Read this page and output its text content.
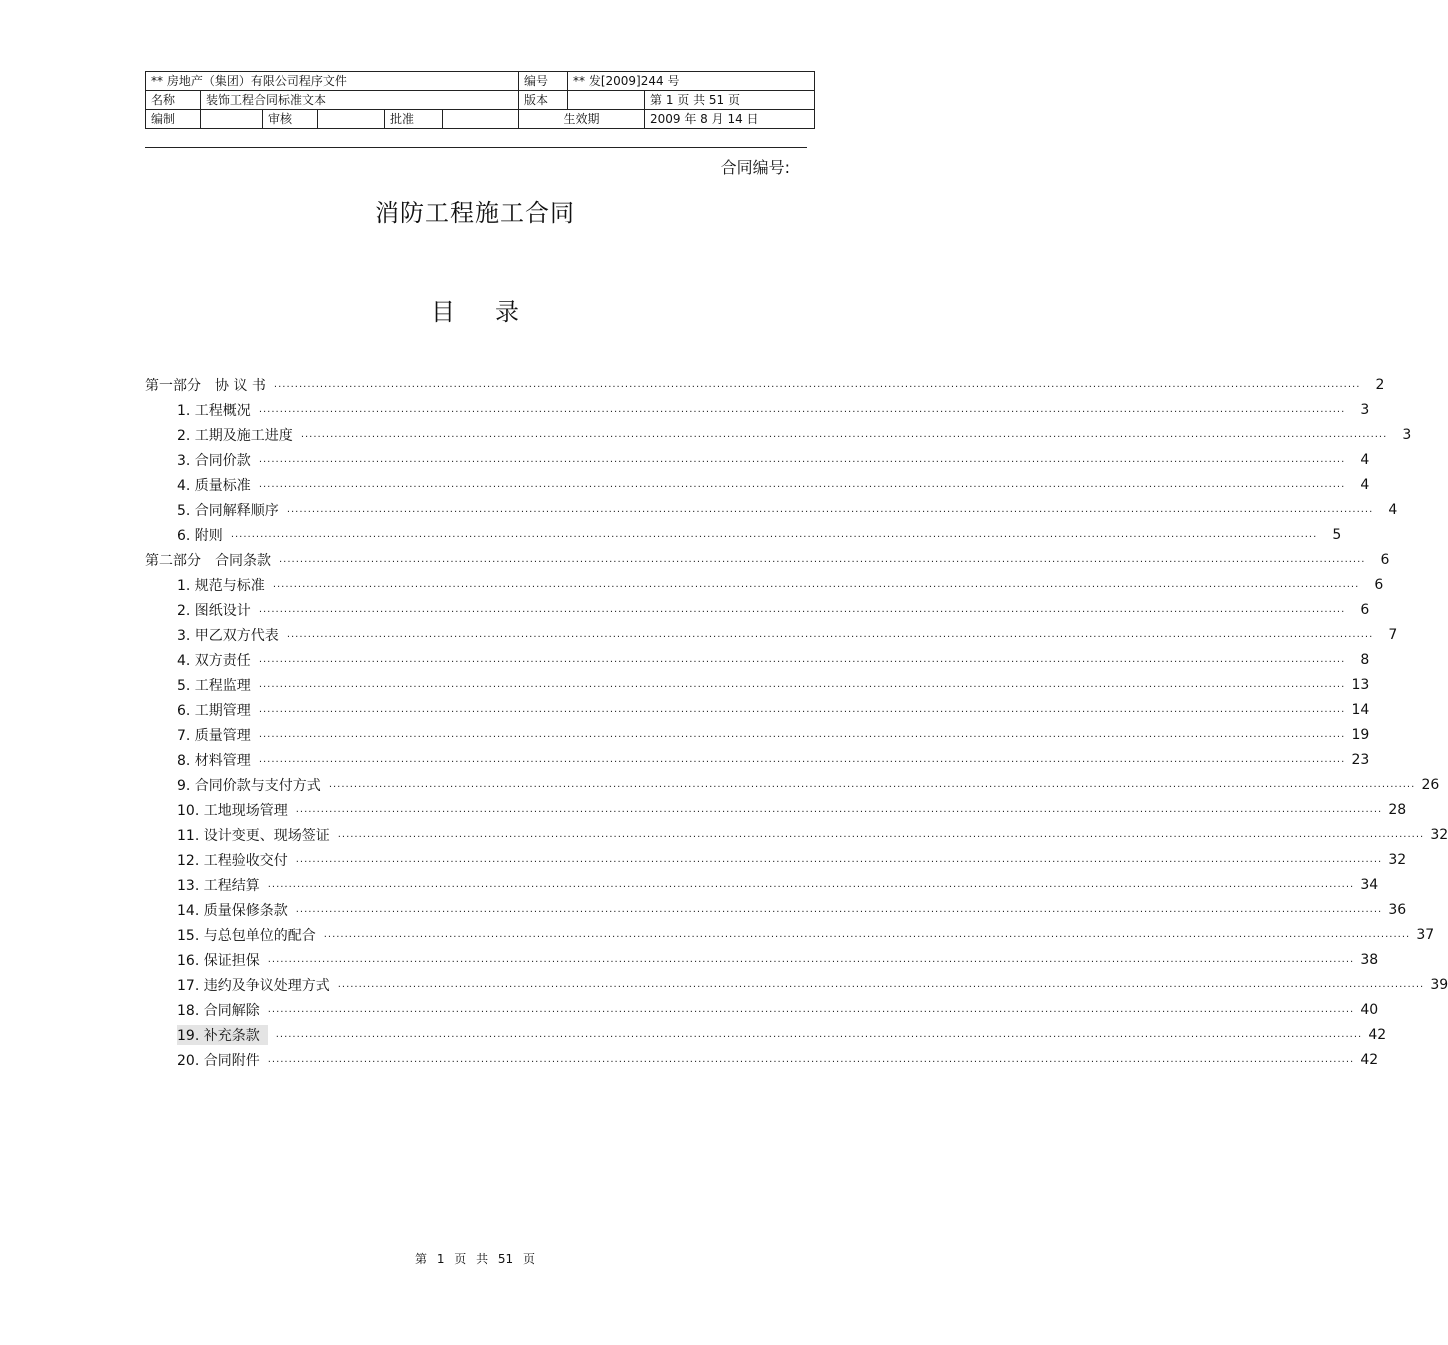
** 房地产（集团）有限公司程序文件						编号	** 发[2009]244 号	
名称	装饰工程合同标准文本					版本		第 1 页 共 51 页
编制		审核		批准		生效期		2009 年 8 月 14 日
合同编号:
消防工程施工合同
目录
第一部分　协 议 书 ....................................................................................................................................................................................................................................................................	2
1. 工程概况 ....................................................................................................................................................................................................................................................................	3
2. 工期及施工进度 ....................................................................................................................................................................................................................................................................	3
3. 合同价款 ....................................................................................................................................................................................................................................................................	4
4. 质量标准 ....................................................................................................................................................................................................................................................................	4
5. 合同解释顺序 ....................................................................................................................................................................................................................................................................	4
6. 附则 ....................................................................................................................................................................................................................................................................	5
第二部分　合同条款 ....................................................................................................................................................................................................................................................................	6
1. 规范与标准 ....................................................................................................................................................................................................................................................................	6
2. 图纸设计 ....................................................................................................................................................................................................................................................................	6
3. 甲乙双方代表 ....................................................................................................................................................................................................................................................................	7
4. 双方责任 ....................................................................................................................................................................................................................................................................	8
5. 工程监理 .................................................................................................................................................................................................................................................................... 13
6. 工期管理 .................................................................................................................................................................................................................................................................... 14
7. 质量管理 .................................................................................................................................................................................................................................................................... 19
8. 材料管理 .................................................................................................................................................................................................................................................................... 23
9. 合同价款与支付方式 .................................................................................................................................................................................................................................................................... 26
10. 工地现场管理 .................................................................................................................................................................................................................................................................... 28
11. 设计变更、现场签证 .................................................................................................................................................................................................................................................................... 32
12. 工程验收交付 .................................................................................................................................................................................................................................................................... 32
13. 工程结算 .................................................................................................................................................................................................................................................................... 34
14. 质量保修条款 .................................................................................................................................................................................................................................................................... 36
15. 与总包单位的配合 .................................................................................................................................................................................................................................................................... 37
16. 保证担保 .................................................................................................................................................................................................................................................................... 38
17. 违约及争议处理方式 .................................................................................................................................................................................................................................................................... 39
18. 合同解除 .................................................................................................................................................................................................................................................................... 40
19. 补充条款	.................................................................................................................................................................................................................................................................... 42
20. 合同附件 .................................................................................................................................................................................................................................................................... 42
第 1 页 共 51 页
